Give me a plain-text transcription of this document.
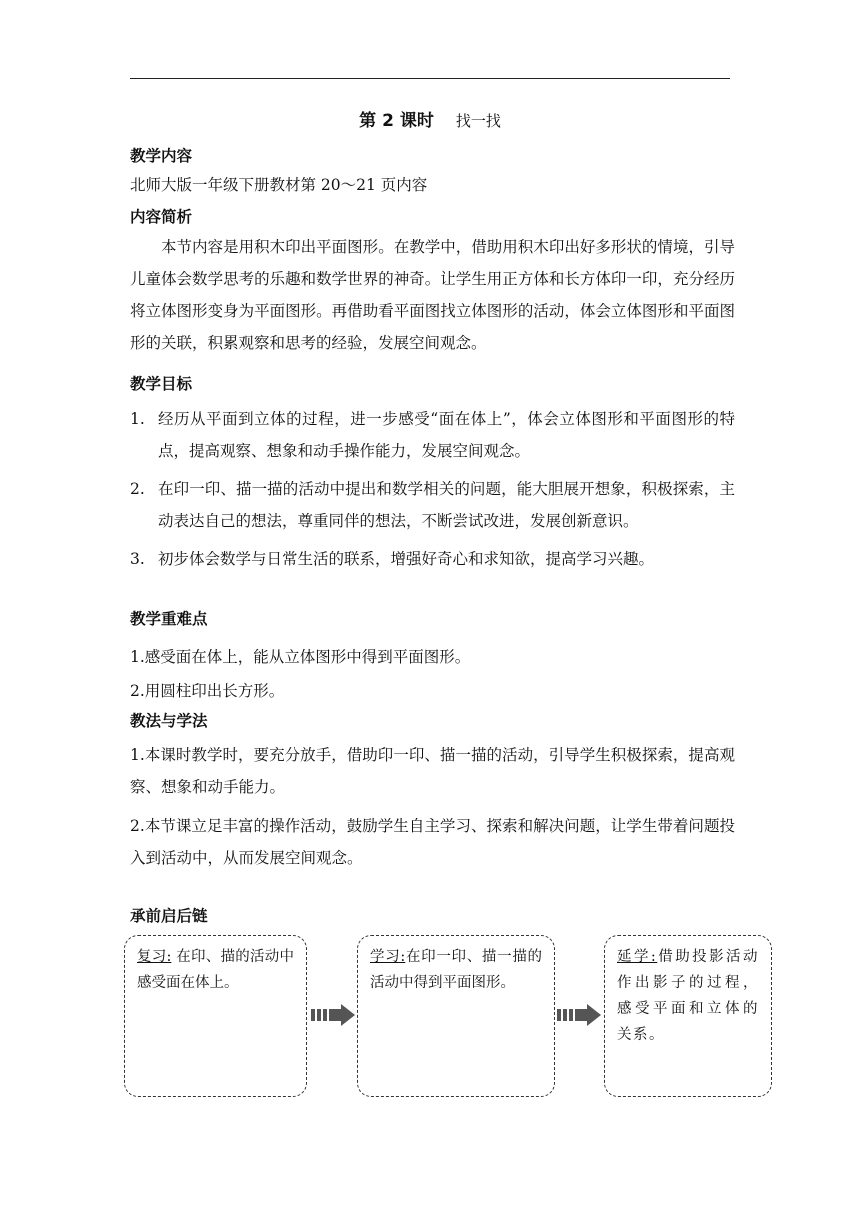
第 2 课时 找一找
教学内容
北师大版一年级下册教材第 20～21 页内容
内容简析
本节内容是用积木印出平面图形。在教学中，借助用积木印出好多形状的情境，引导儿童体会数学思考的乐趣和数学世界的神奇。让学生用正方体和长方体印一印，充分经历将立体图形变身为平面图形。再借助看平面图找立体图形的活动，体会立体图形和平面图形的关联，积累观察和思考的经验，发展空间观念。
教学目标
1. 经历从平面到立体的过程，进一步感受“面在体上”，体会立体图形和平面图形的特点，提高观察、想象和动手操作能力，发展空间观念。
2. 在印一印、描一描的活动中提出和数学相关的问题，能大胆展开想象，积极探索，主动表达自己的想法，尊重同伴的想法，不断尝试改进，发展创新意识。
3. 初步体会数学与日常生活的联系，增强好奇心和求知欲，提高学习兴趣。
教学重难点
1.感受面在体上，能从立体图形中得到平面图形。
2.用圆柱印出长方形。
教法与学法
1.本课时教学时，要充分放手，借助印一印、描一描的活动，引导学生积极探索，提高观察、想象和动手能力。
2.本节课立足丰富的操作活动，鼓励学生自主学习、探索和解决问题，让学生带着问题投入到活动中，从而发展空间观念。
承前启后链
复习: 在印、描的活动中感受面在体上。
学习:在印一印、描一描的活动中得到平面图形。
延学:借助投影活动作出影子的过程，感受平面和立体的关系。
